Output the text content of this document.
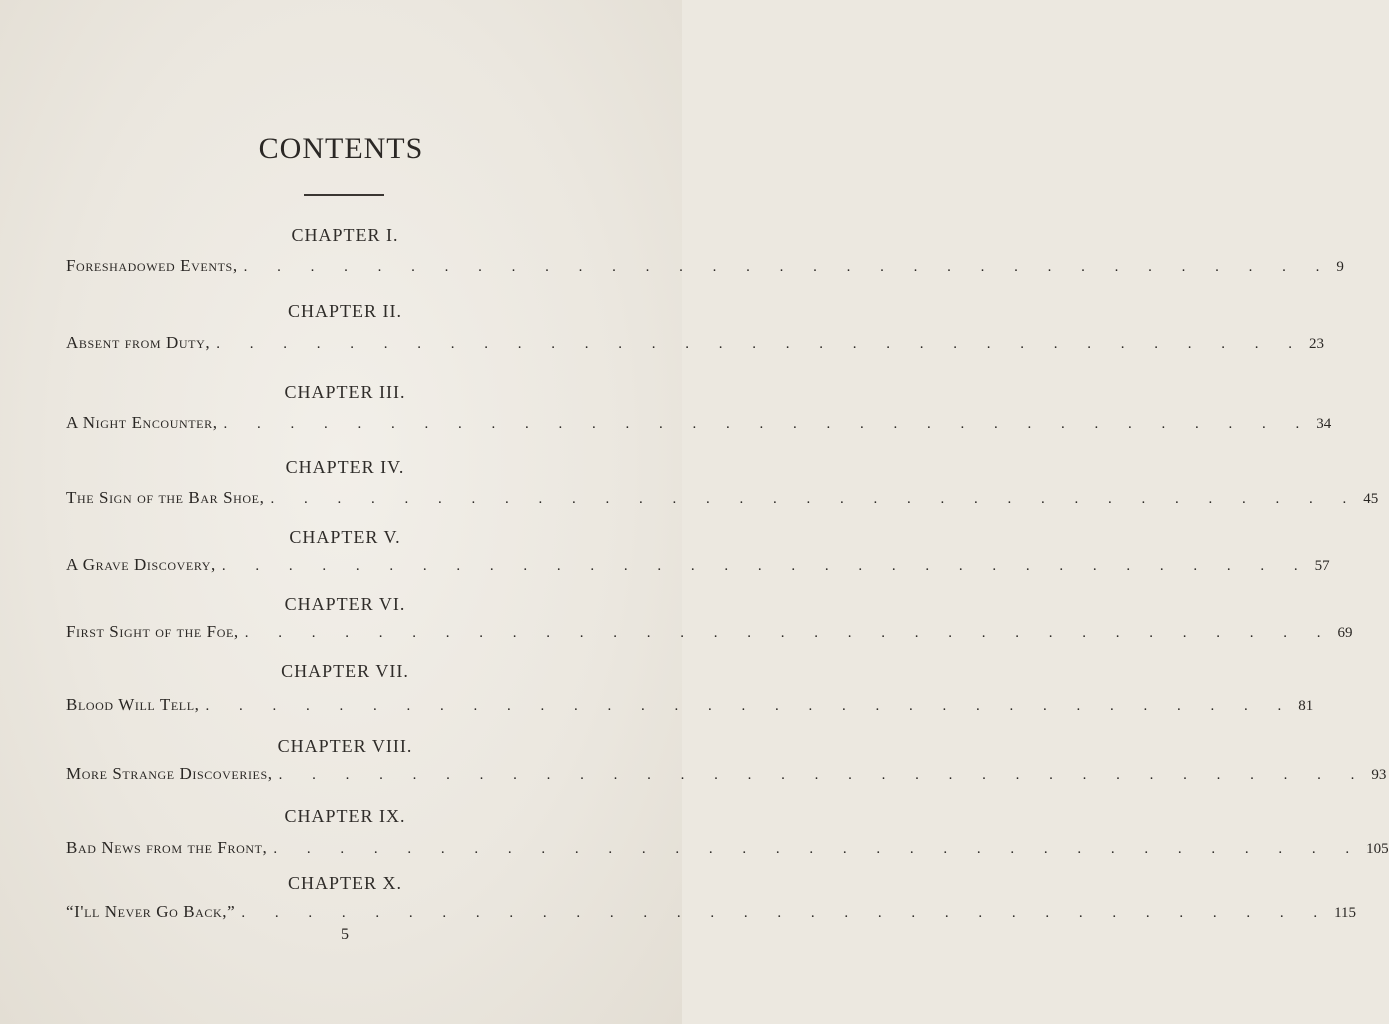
CONTENTS
CHAPTER I.
Foreshadowed Events, . . . . . . . . . . . . . . . . . . . . . . . . . . . . . . . . . 9
CHAPTER II.
Absent from Duty, . . . . . . . . . . . . . . . . . . . . . . . . . . . . . . . . . 23
CHAPTER III.
A Night Encounter, . . . . . . . . . . . . . . . . . . . . . . . . . . . . . . . . . 34
CHAPTER IV.
The Sign of the Bar Shoe, . . . . . . . . . . . . . . . . . . . . . . . . . . . . . . . . . 45
CHAPTER V.
A Grave Discovery, . . . . . . . . . . . . . . . . . . . . . . . . . . . . . . . . . 57
CHAPTER VI.
First Sight of the Foe, . . . . . . . . . . . . . . . . . . . . . . . . . . . . . . . . . 69
CHAPTER VII.
Blood Will Tell, . . . . . . . . . . . . . . . . . . . . . . . . . . . . . . . . . 81
CHAPTER VIII.
More Strange Discoveries, . . . . . . . . . . . . . . . . . . . . . . . . . . . . . . . . . 93
CHAPTER IX.
Bad News from the Front, . . . . . . . . . . . . . . . . . . . . . . . . . . . . . . . . . 105
CHAPTER X.
“I'll Never Go Back,” . . . . . . . . . . . . . . . . . . . . . . . . . . . . . . . . . 115
5
